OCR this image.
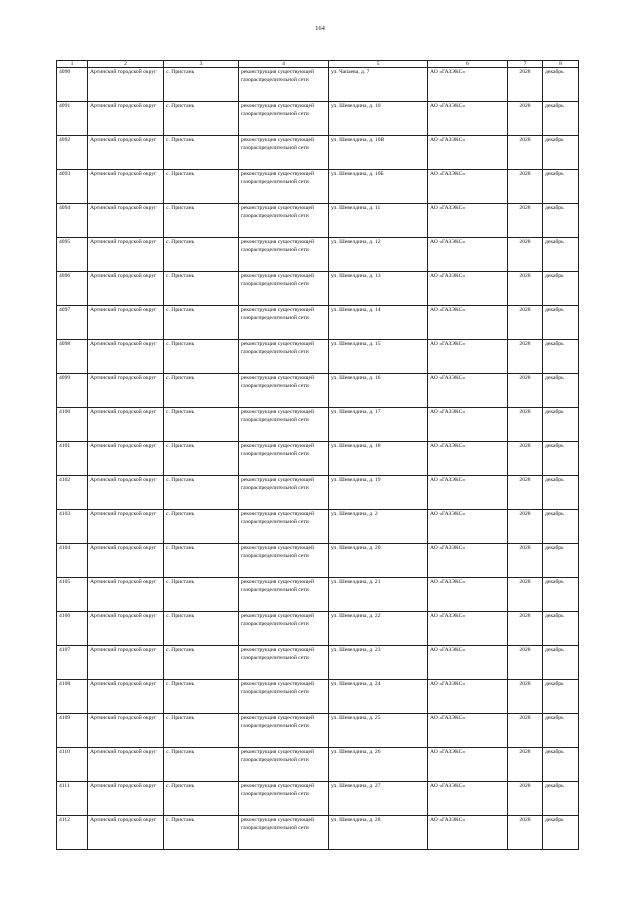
164
1	2	3	4	5	6	7	8
4090	Артинский городской округ	с. Пристань	реконструкция существующей газораспределительной сети	ул. Чапаева, д. 7	АО «ГАЗЭКС»	2028	декабрь
4091	Артинский городской округ	с. Пристань	реконструкция существующей газораспределительной сети	ул. Шевелдина, д. 10	АО «ГАЗЭКС»	2028	декабрь
4092	Артинский городской округ	с. Пристань	реконструкция существующей газораспределительной сети	ул. Шевелдина, д. 10В	АО «ГАЗЭКС»	2028	декабрь
4093	Артинский городской округ	с. Пристань	реконструкция существующей газораспределительной сети	ул. Шевелдина, д. 10Б	АО «ГАЗЭКС»	2028	декабрь
4094	Артинский городской округ	с. Пристань	реконструкция существующей газораспределительной сети	ул. Шевелдина, д. 11	АО «ГАЗЭКС»	2028	декабрь
4095	Артинский городской округ	с. Пристань	реконструкция существующей газораспределительной сети	ул. Шевелдина, д. 12	АО «ГАЗЭКС»	2028	декабрь
4096	Артинский городской округ	с. Пристань	реконструкция существующей газораспределительной сети	ул. Шевелдина, д. 13	АО «ГАЗЭКС»	2028	декабрь
4097	Артинский городской округ	с. Пристань	реконструкция существующей газораспределительной сети	ул. Шевелдина, д. 14	АО «ГАЗЭКС»	2028	декабрь
4098	Артинский городской округ	с. Пристань	реконструкция существующей газораспределительной сети	ул. Шевелдина, д. 15	АО «ГАЗЭКС»	2028	декабрь
4099	Артинский городской округ	с. Пристань	реконструкция существующей газораспределительной сети	ул. Шевелдина, д. 16	АО «ГАЗЭКС»	2028	декабрь
4100	Артинский городской округ	с. Пристань	реконструкция существующей газораспределительной сети	ул. Шевелдина, д. 17	АО «ГАЗЭКС»	2028	декабрь
4101	Артинский городской округ	с. Пристань	реконструкция существующей газораспределительной сети	ул. Шевелдина, д. 18	АО «ГАЗЭКС»	2028	декабрь
4102	Артинский городской округ	с. Пристань	реконструкция существующей газораспределительной сети	ул. Шевелдина, д. 19	АО «ГАЗЭКС»	2028	декабрь
4103	Артинский городской округ	с. Пристань	реконструкция существующей газораспределительной сети	ул. Шевелдина, д. 2	АО «ГАЗЭКС»	2028	декабрь
4104	Артинский городской округ	с. Пристань	реконструкция существующей газораспределительной сети	ул. Шевелдина, д. 20	АО «ГАЗЭКС»	2028	декабрь
4105	Артинский городской округ	с. Пристань	реконструкция существующей газораспределительной сети	ул. Шевелдина, д. 21	АО «ГАЗЭКС»	2028	декабрь
4106	Артинский городской округ	с. Пристань	реконструкция существующей газораспределительной сети	ул. Шевелдина, д. 22	АО «ГАЗЭКС»	2028	декабрь
4107	Артинский городской округ	с. Пристань	реконструкция существующей газораспределительной сети	ул. Шевелдина, д. 23	АО «ГАЗЭКС»	2028	декабрь
4108	Артинский городской округ	с. Пристань	реконструкция существующей газораспределительной сети	ул. Шевелдина, д. 24	АО «ГАЗЭКС»	2028	декабрь
4109	Артинский городской округ	с. Пристань	реконструкция существующей газораспределительной сети	ул. Шевелдина, д. 25	АО «ГАЗЭКС»	2028	декабрь
4110	Артинский городской округ	с. Пристань	реконструкция существующей газораспределительной сети	ул. Шевелдина, д. 26	АО «ГАЗЭКС»	2028	декабрь
4111	Артинский городской округ	с. Пристань	реконструкция существующей газораспределительной сети	ул. Шевелдина, д. 27	АО «ГАЗЭКС»	2028	декабрь
4112	Артинский городской округ	с. Пристань	реконструкция существующей газораспределительной сети	ул. Шевелдина, д. 28	АО «ГАЗЭКС»	2028	декабрь
